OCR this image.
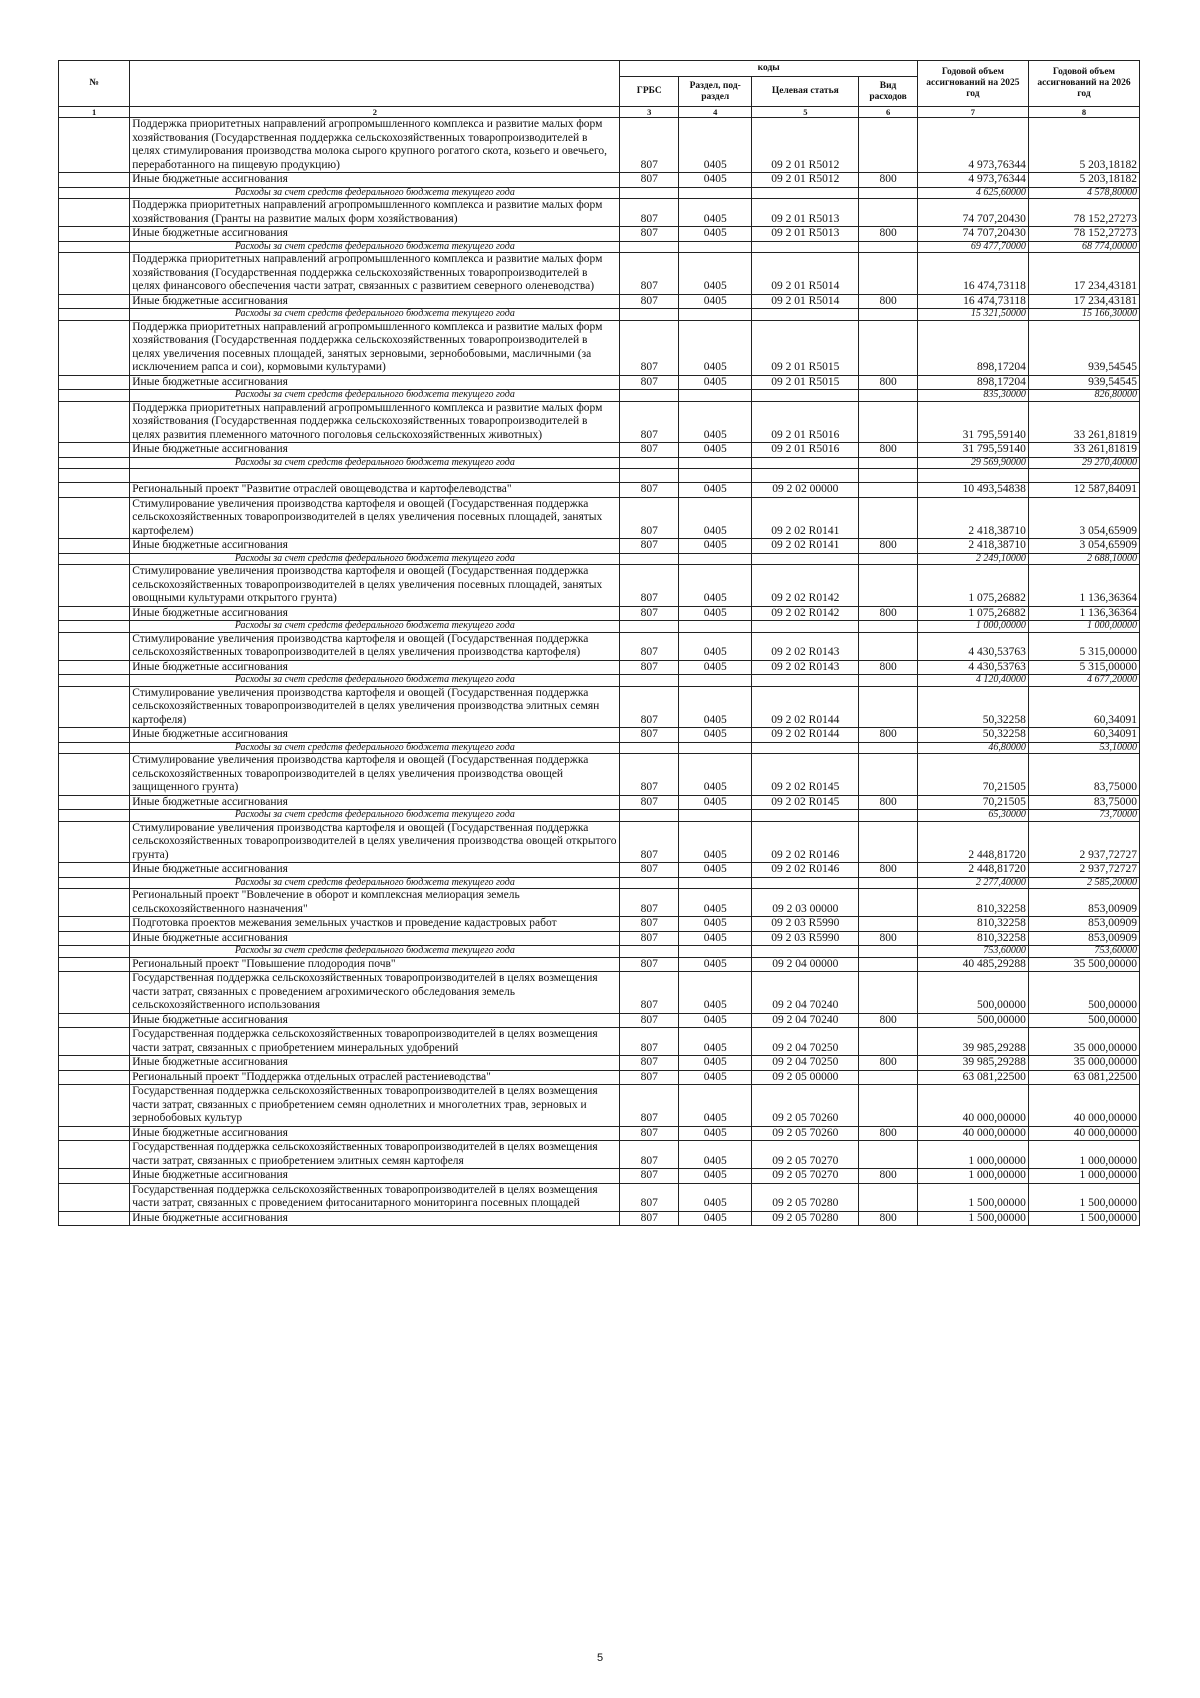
№		коды				Годовой объем ассигнований на 2025 год	Годовой объем ассигнований на 2026 год
		ГРБС	Раздел, под-раздел	Целевая статья	Вид расходов		
1	2	3	4	5	6	7	8
	Поддержка приоритетных направлений агропромышленного комплекса и развитие малых форм хозяйствования (Государственная поддержка сельскохозяйственных товаропроизводителей в целях стимулирования производства молока сырого крупного рогатого скота, козьего и овечьего, переработанного на пищевую продукцию)	807	0405	09 2 01 R5012		4 973,76344	5 203,18182
	Иные бюджетные ассигнования	807	0405	09 2 01 R5012	800	4 973,76344	5 203,18182
	Расходы за счет средств федерального бюджета текущего года					4 625,60000	4 578,80000
	Поддержка приоритетных направлений агропромышленного комплекса и развитие малых форм хозяйствования (Гранты на развитие малых форм хозяйствования)	807	0405	09 2 01 R5013		74 707,20430	78 152,27273
	Иные бюджетные ассигнования	807	0405	09 2 01 R5013	800	74 707,20430	78 152,27273
	Расходы за счет средств федерального бюджета текущего года					69 477,70000	68 774,00000
	Поддержка приоритетных направлений агропромышленного комплекса и развитие малых форм хозяйствования (Государственная поддержка сельскохозяйственных товаропроизводителей в целях финансового обеспечения части затрат, связанных с развитием северного оленеводства)	807	0405	09 2 01 R5014		16 474,73118	17 234,43181
	Иные бюджетные ассигнования	807	0405	09 2 01 R5014	800	16 474,73118	17 234,43181
	Расходы за счет средств федерального бюджета текущего года					15 321,50000	15 166,30000
	Поддержка приоритетных направлений агропромышленного комплекса и развитие малых форм хозяйствования (Государственная поддержка сельскохозяйственных товаропроизводителей в целях увеличения посевных площадей, занятых зерновыми, зернобобовыми, масличными (за исключением рапса и сои), кормовыми культурами)	807	0405	09 2 01 R5015		898,17204	939,54545
	Иные бюджетные ассигнования	807	0405	09 2 01 R5015	800	898,17204	939,54545
	Расходы за счет средств федерального бюджета текущего года					835,30000	826,80000
	Поддержка приоритетных направлений агропромышленного комплекса и развитие малых форм хозяйствования (Государственная поддержка сельскохозяйственных товаропроизводителей в целях развития племенного маточного поголовья сельскохозяйственных животных)	807	0405	09 2 01 R5016		31 795,59140	33 261,81819
	Иные бюджетные ассигнования	807	0405	09 2 01 R5016	800	31 795,59140	33 261,81819
	Расходы за счет средств федерального бюджета текущего года					29 569,90000	29 270,40000

	Региональный проект "Развитие отраслей овощеводства и картофелеводства"	807	0405	09 2 02 00000		10 493,54838	12 587,84091
	Стимулирование увеличения производства картофеля и овощей (Государственная поддержка сельскохозяйственных товаропроизводителей в целях увеличения посевных площадей, занятых картофелем)	807	0405	09 2 02 R0141		2 418,38710	3 054,65909
	Иные бюджетные ассигнования	807	0405	09 2 02 R0141	800	2 418,38710	3 054,65909
	Расходы за счет средств федерального бюджета текущего года					2 249,10000	2 688,10000
	Стимулирование увеличения производства картофеля и овощей (Государственная поддержка сельскохозяйственных товаропроизводителей в целях увеличения посевных площадей, занятых овощными культурами открытого грунта)	807	0405	09 2 02 R0142		1 075,26882	1 136,36364
	Иные бюджетные ассигнования	807	0405	09 2 02 R0142	800	1 075,26882	1 136,36364
	Расходы за счет средств федерального бюджета текущего года					1 000,00000	1 000,00000
	Стимулирование увеличения производства картофеля и овощей (Государственная поддержка сельскохозяйственных товаропроизводителей в целях увеличения производства картофеля)	807	0405	09 2 02 R0143		4 430,53763	5 315,00000
	Иные бюджетные ассигнования	807	0405	09 2 02 R0143	800	4 430,53763	5 315,00000
	Расходы за счет средств федерального бюджета текущего года					4 120,40000	4 677,20000
	Стимулирование увеличения производства картофеля и овощей (Государственная поддержка сельскохозяйственных товаропроизводителей в целях увеличения производства элитных семян картофеля)	807	0405	09 2 02 R0144		50,32258	60,34091
	Иные бюджетные ассигнования	807	0405	09 2 02 R0144	800	50,32258	60,34091
	Расходы за счет средств федерального бюджета текущего года					46,80000	53,10000
	Стимулирование увеличения производства картофеля и овощей (Государственная поддержка сельскохозяйственных товаропроизводителей в целях увеличения производства овощей защищенного грунта)	807	0405	09 2 02 R0145		70,21505	83,75000
	Иные бюджетные ассигнования	807	0405	09 2 02 R0145	800	70,21505	83,75000
	Расходы за счет средств федерального бюджета текущего года					65,30000	73,70000
	Стимулирование увеличения производства картофеля и овощей (Государственная поддержка сельскохозяйственных товаропроизводителей в целях увеличения производства овощей открытого грунта)	807	0405	09 2 02 R0146		2 448,81720	2 937,72727
	Иные бюджетные ассигнования	807	0405	09 2 02 R0146	800	2 448,81720	2 937,72727
	Расходы за счет средств федерального бюджета текущего года					2 277,40000	2 585,20000
	Региональный проект "Вовлечение в оборот и комплексная мелиорация земель сельскохозяйственного назначения"	807	0405	09 2 03 00000		810,32258	853,00909
	Подготовка проектов межевания земельных участков и проведение кадастровых работ	807	0405	09 2 03 R5990		810,32258	853,00909
	Иные бюджетные ассигнования	807	0405	09 2 03 R5990	800	810,32258	853,00909
	Расходы за счет средств федерального бюджета текущего года					753,60000	753,60000
	Региональный проект "Повышение плодородия почв"	807	0405	09 2 04 00000		40 485,29288	35 500,00000
	Государственная поддержка сельскохозяйственных товаропроизводителей в целях возмещения части затрат, связанных с проведением агрохимического обследования земель сельскохозяйственного использования	807	0405	09 2 04 70240		500,00000	500,00000
	Иные бюджетные ассигнования	807	0405	09 2 04 70240	800	500,00000	500,00000
	Государственная поддержка сельскохозяйственных товаропроизводителей в целях возмещения части затрат, связанных с приобретением минеральных удобрений	807	0405	09 2 04 70250		39 985,29288	35 000,00000
	Иные бюджетные ассигнования	807	0405	09 2 04 70250	800	39 985,29288	35 000,00000
	Региональный проект "Поддержка отдельных отраслей растениеводства"	807	0405	09 2 05 00000		63 081,22500	63 081,22500
	Государственная поддержка сельскохозяйственных товаропроизводителей в целях возмещения части затрат, связанных с приобретением семян однолетних и многолетних трав, зерновых и зернобобовых культур	807	0405	09 2 05 70260		40 000,00000	40 000,00000
	Иные бюджетные ассигнования	807	0405	09 2 05 70260	800	40 000,00000	40 000,00000
	Государственная поддержка сельскохозяйственных товаропроизводителей в целях возмещения части затрат, связанных с приобретением элитных семян картофеля	807	0405	09 2 05 70270		1 000,00000	1 000,00000
	Иные бюджетные ассигнования	807	0405	09 2 05 70270	800	1 000,00000	1 000,00000
	Государственная поддержка сельскохозяйственных товаропроизводителей в целях возмещения части затрат, связанных с проведением фитосанитарного мониторинга посевных площадей	807	0405	09 2 05 70280		1 500,00000	1 500,00000
	Иные бюджетные ассигнования	807	0405	09 2 05 70280	800	1 500,00000	1 500,00000
5
